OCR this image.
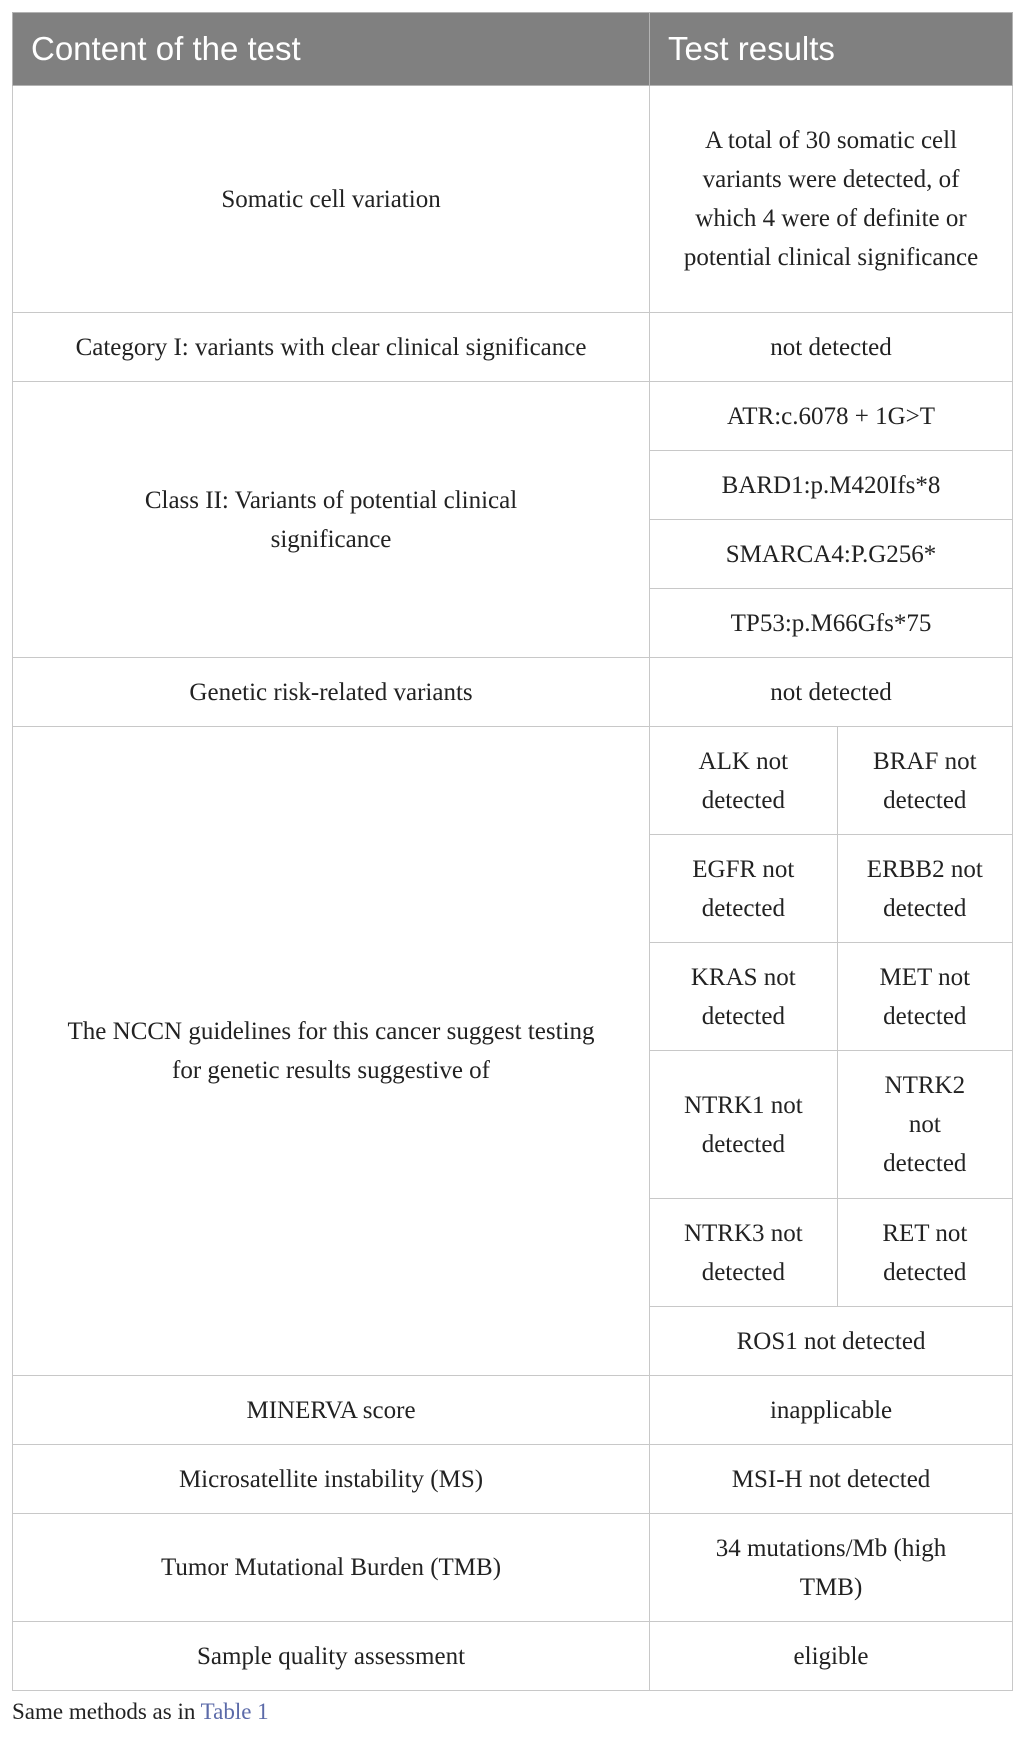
Content of the test	Test results	
Somatic cell variation	A total of 30 somatic cell variants were detected, of which 4 were of definite or potential clinical significance	
Category I: variants with clear clinical significance	not detected	
Class II: Variants of potential clinical significance	ATR:c.6078 + 1G>T	
	BARD1:p.M420Ifs*8	
	SMARCA4:P.G256*	
	TP53:p.M66Gfs*75	
Genetic risk-related variants	not detected	
The NCCN guidelines for this cancer suggest testing for genetic results suggestive of	ALK not detected	BRAF not detected
	EGFR not detected	ERBB2 not detected
	KRAS not detected	MET not detected
	NTRK1 not detected	NTRK2 not detected
	NTRK3 not detected	RET not detected
	ROS1 not detected	
MINERVA score	inapplicable	
Microsatellite instability (MS)	MSI-H not detected	
Tumor Mutational Burden (TMB)	34 mutations/Mb (high TMB)	
Sample quality assessment	eligible	
Same methods as in Table 1
